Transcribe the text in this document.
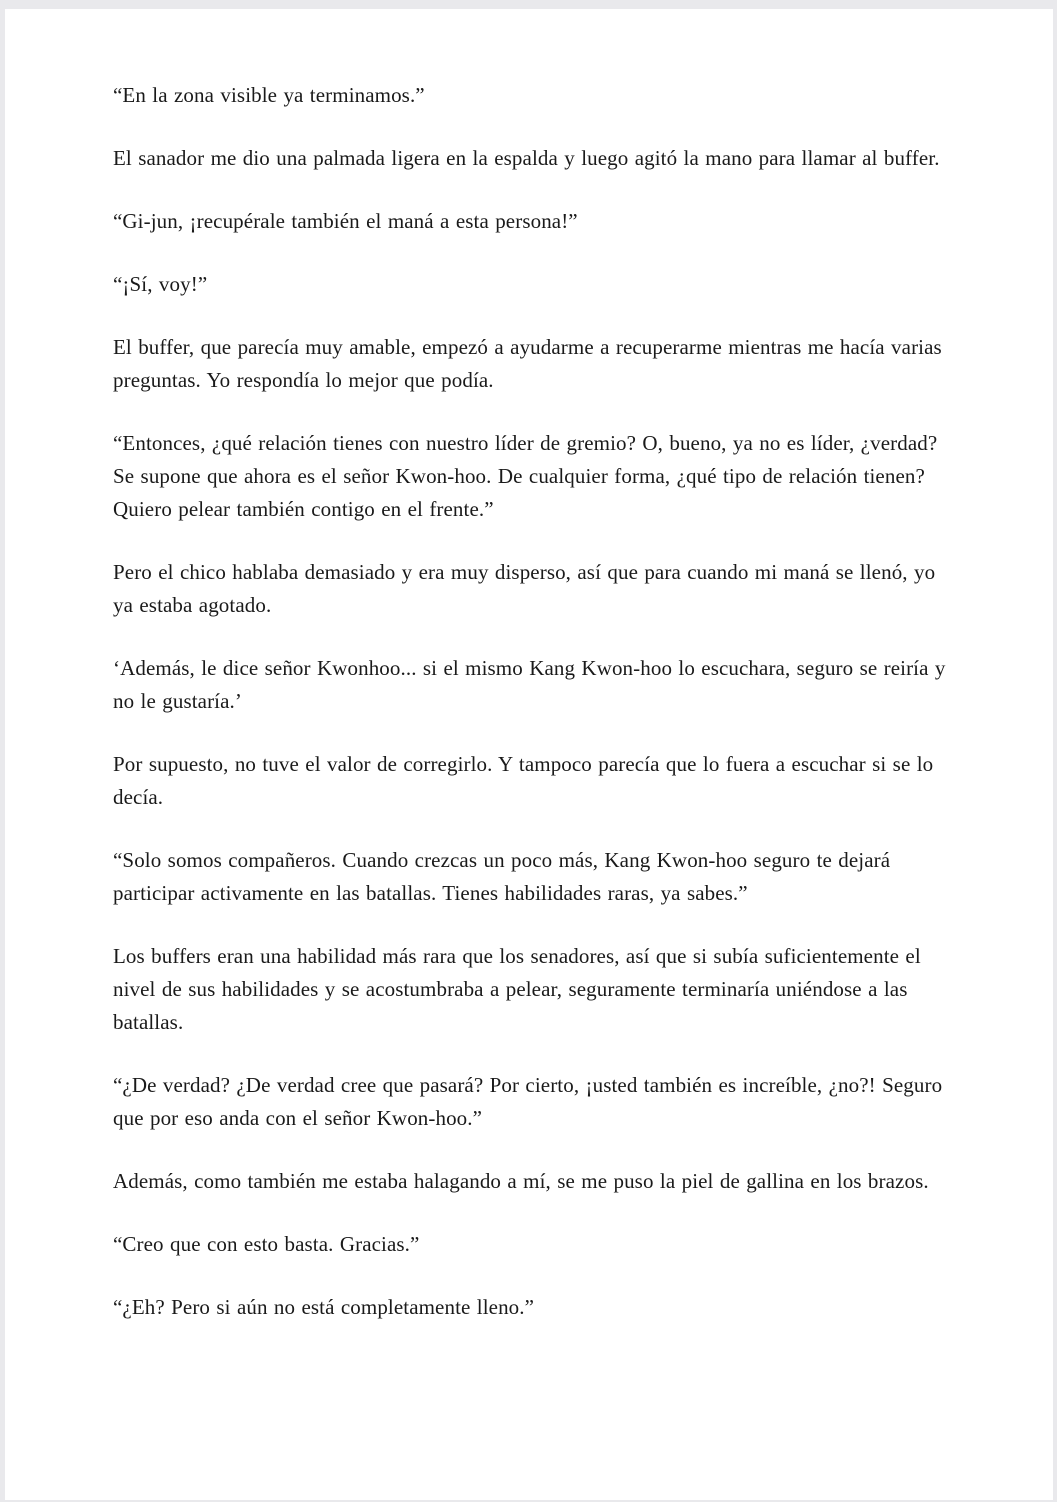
“En la zona visible ya terminamos.”

El sanador me dio una palmada ligera en la espalda y luego agitó la mano para llamar al buffer.

“Gi-jun, ¡recupérale también el maná a esta persona!”

“¡Sí, voy!”

El buffer, que parecía muy amable, empezó a ayudarme a recuperarme mientras me hacía varias preguntas. Yo respondía lo mejor que podía.

“Entonces, ¿qué relación tienes con nuestro líder de gremio? O, bueno, ya no es líder, ¿verdad? Se supone que ahora es el señor Kwon-hoo. De cualquier forma, ¿qué tipo de relación tienen? Quiero pelear también contigo en el frente.”

Pero el chico hablaba demasiado y era muy disperso, así que para cuando mi maná se llenó, yo ya estaba agotado.

‘Además, le dice señor Kwonhoo... si el mismo Kang Kwon-hoo lo escuchara, seguro se reiría y no le gustaría.’

Por supuesto, no tuve el valor de corregirlo. Y tampoco parecía que lo fuera a escuchar si se lo decía.

“Solo somos compañeros. Cuando crezcas un poco más, Kang Kwon-hoo seguro te dejará participar activamente en las batallas. Tienes habilidades raras, ya sabes.”

Los buffers eran una habilidad más rara que los senadores, así que si subía suficientemente el nivel de sus habilidades y se acostumbraba a pelear, seguramente terminaría uniéndose a las batallas.

“¿De verdad? ¿De verdad cree que pasará? Por cierto, ¡usted también es increíble, ¿no?! Seguro que por eso anda con el señor Kwon-hoo.”

Además, como también me estaba halagando a mí, se me puso la piel de gallina en los brazos.

“Creo que con esto basta. Gracias.”

“¿Eh? Pero si aún no está completamente lleno.”
